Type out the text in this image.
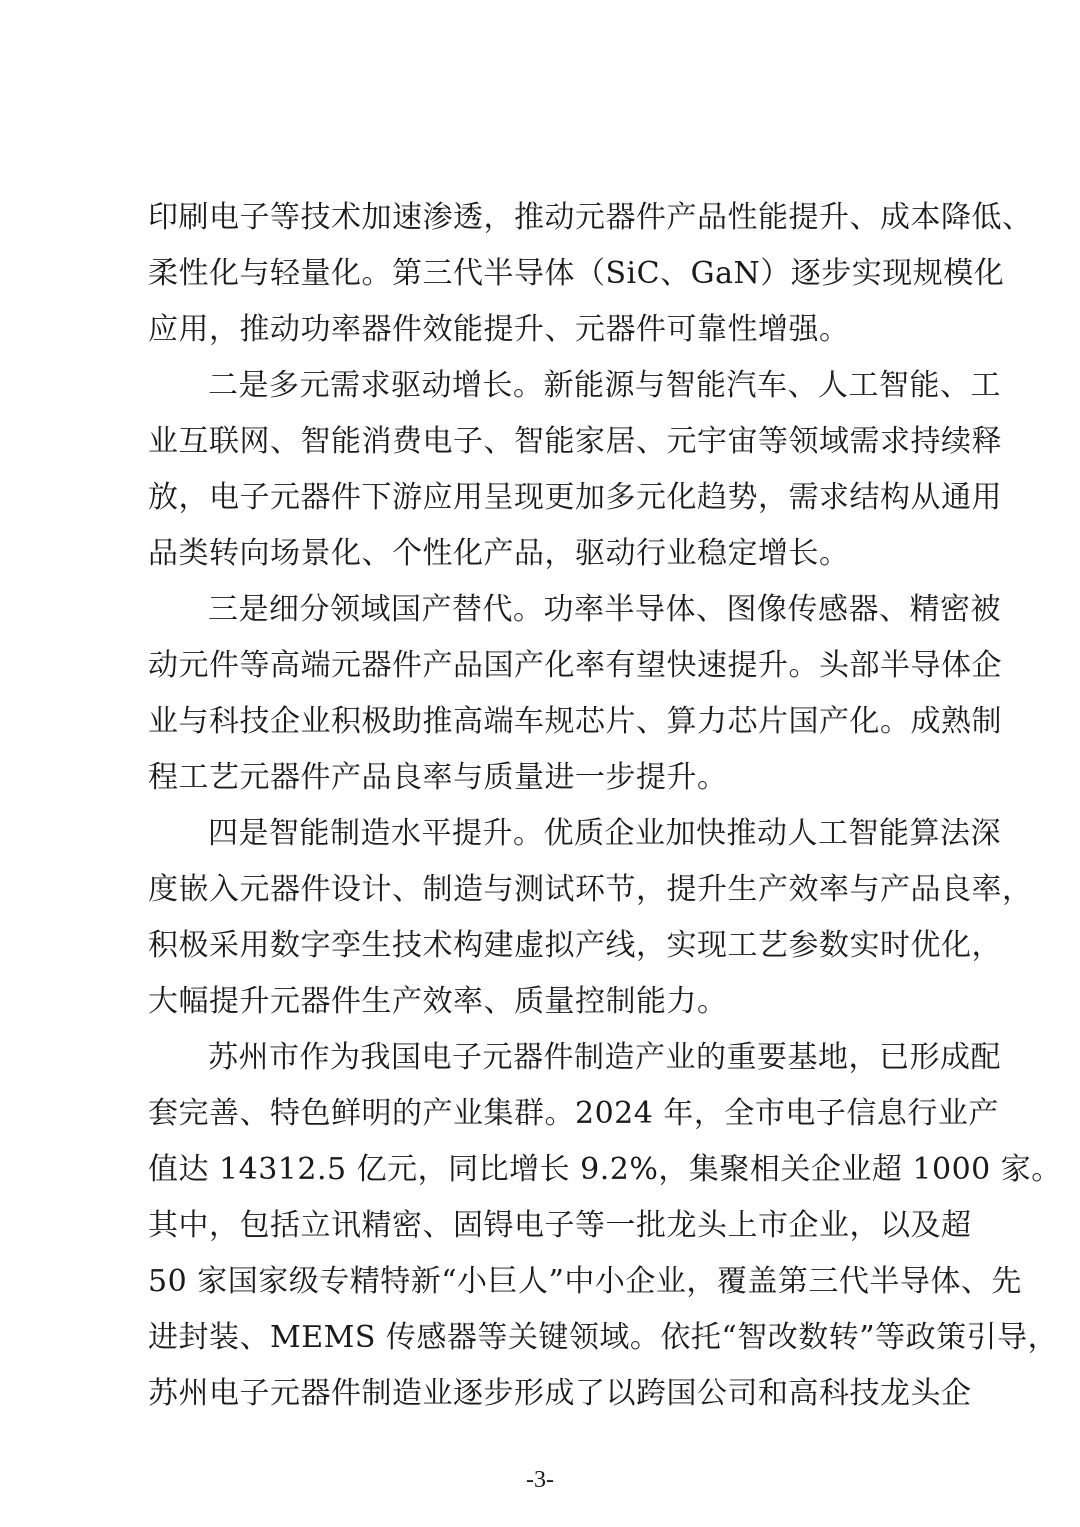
印刷电子等技术加速渗透，推动元器件产品性能提升、成本降低、
柔性化与轻量化。第三代半导体（SiC、GaN）逐步实现规模化
应用，推动功率器件效能提升、元器件可靠性增强。
二是多元需求驱动增长。新能源与智能汽车、人工智能、工
业互联网、智能消费电子、智能家居、元宇宙等领域需求持续释
放，电子元器件下游应用呈现更加多元化趋势，需求结构从通用
品类转向场景化、个性化产品，驱动行业稳定增长。
三是细分领域国产替代。功率半导体、图像传感器、精密被
动元件等高端元器件产品国产化率有望快速提升。头部半导体企
业与科技企业积极助推高端车规芯片、算力芯片国产化。成熟制
程工艺元器件产品良率与质量进一步提升。
四是智能制造水平提升。优质企业加快推动人工智能算法深
度嵌入元器件设计、制造与测试环节，提升生产效率与产品良率，
积极采用数字孪生技术构建虚拟产线，实现工艺参数实时优化，
大幅提升元器件生产效率、质量控制能力。
苏州市作为我国电子元器件制造产业的重要基地，已形成配
套完善、特色鲜明的产业集群。2024 年，全市电子信息行业产
值达 14312.5 亿元，同比增长 9.2%，集聚相关企业超 1000 家。
其中，包括立讯精密、固锝电子等一批龙头上市企业，以及超
50 家国家级专精特新“小巨人”中小企业，覆盖第三代半导体、先
进封装、MEMS 传感器等关键领域。依托“智改数转”等政策引导，
苏州电子元器件制造业逐步形成了以跨国公司和高科技龙头企
-3-
